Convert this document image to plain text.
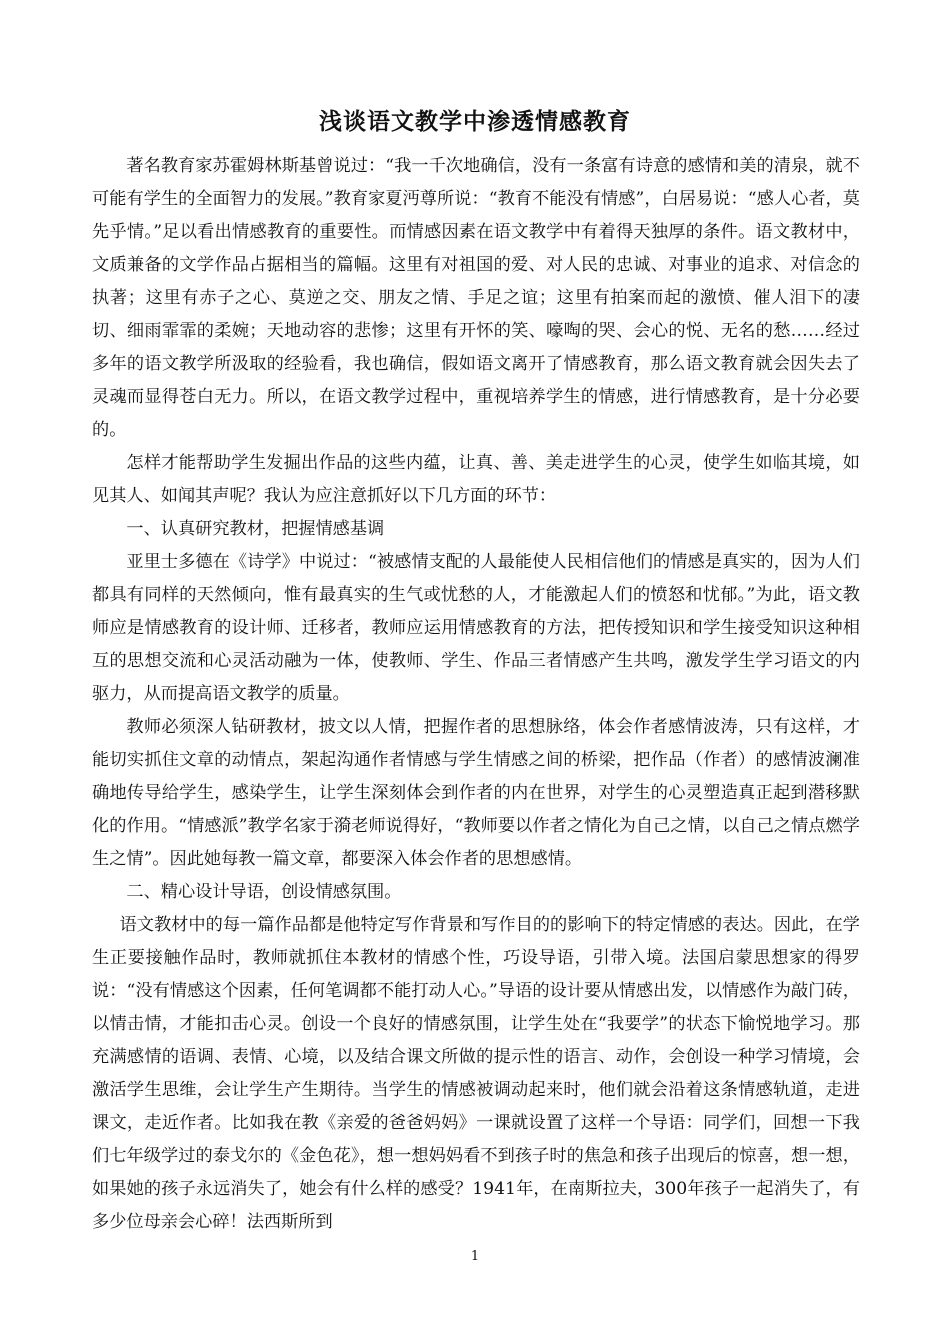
浅谈语文教学中渗透情感教育

著名教育家苏霍姆林斯基曾说过：“我一千次地确信，没有一条富有诗意的感情和美的清泉，就不可能有学生的全面智力的发展。”教育家夏沔尊所说：“教育不能没有情感”，白居易说：“感人心者，莫先乎情。”足以看出情感教育的重要性。而情感因素在语文教学中有着得天独厚的条件。语文教材中，文质兼备的文学作品占据相当的篇幅。这里有对祖国的爱、对人民的忠诚、对事业的追求、对信念的执著；这里有赤子之心、莫逆之交、朋友之情、手足之谊；这里有拍案而起的激愤、催人泪下的凄切、细雨霏霏的柔婉；天地动容的悲惨；这里有开怀的笑、嚎啕的哭、会心的悦、无名的愁……经过多年的语文教学所汲取的经验看，我也确信，假如语文离开了情感教育，那么语文教育就会因失去了灵魂而显得苍白无力。所以，在语文教学过程中，重视培养学生的情感，进行情感教育，是十分必要的。

怎样才能帮助学生发掘出作品的这些内蕴，让真、善、美走进学生的心灵，使学生如临其境，如见其人、如闻其声呢？我认为应注意抓好以下几方面的环节：

一、认真研究教材，把握情感基调

亚里士多德在《诗学》中说过：“被感情支配的人最能使人民相信他们的情感是真实的，因为人们都具有同样的天然倾向，惟有最真实的生气或忧愁的人，才能激起人们的愤怒和忧郁。”为此，语文教师应是情感教育的设计师、迁移者，教师应运用情感教育的方法，把传授知识和学生接受知识这种相互的思想交流和心灵活动融为一体，使教师、学生、作品三者情感产生共鸣，激发学生学习语文的内驱力，从而提高语文教学的质量。

教师必须深人钻研教材，披文以人情，把握作者的思想脉络，体会作者感情波涛，只有这样，才能切实抓住文章的动情点，架起沟通作者情感与学生情感之间的桥梁，把作品（作者）的感情波澜准确地传导给学生，感染学生，让学生深刻体会到作者的内在世界，对学生的心灵塑造真正起到潜移默化的作用。“情感派”教学名家于漪老师说得好，“教师要以作者之情化为自己之情，以自己之情点燃学生之情”。因此她每教一篇文章，都要深入体会作者的思想感情。

二、精心设计导语，创设情感氛围。

语文教材中的每一篇作品都是他特定写作背景和写作目的的影响下的特定情感的表达。因此，在学生正要接触作品时，教师就抓住本教材的情感个性，巧设导语，引带入境。法国启蒙思想家的得罗说：“没有情感这个因素，任何笔调都不能打动人心。”导语的设计要从情感出发，以情感作为敲门砖，以情击情，才能扣击心灵。创设一个良好的情感氛围，让学生处在“我要学”的状态下愉悦地学习。那充满感情的语调、表情、心境，以及结合课文所做的提示性的语言、动作，会创设一种学习情境，会激活学生思维，会让学生产生期待。当学生的情感被调动起来时，他们就会沿着这条情感轨道，走进课文，走近作者。比如我在教《亲爱的爸爸妈妈》一课就设置了这样一个导语：同学们，回想一下我们七年级学过的泰戈尔的《金色花》，想一想妈妈看不到孩子时的焦急和孩子出现后的惊喜，想一想，如果她的孩子永远消失了，她会有什么样的感受？1941年，在南斯拉夫，300年孩子一起消失了，有多少位母亲会心碎！法西斯所到

1
